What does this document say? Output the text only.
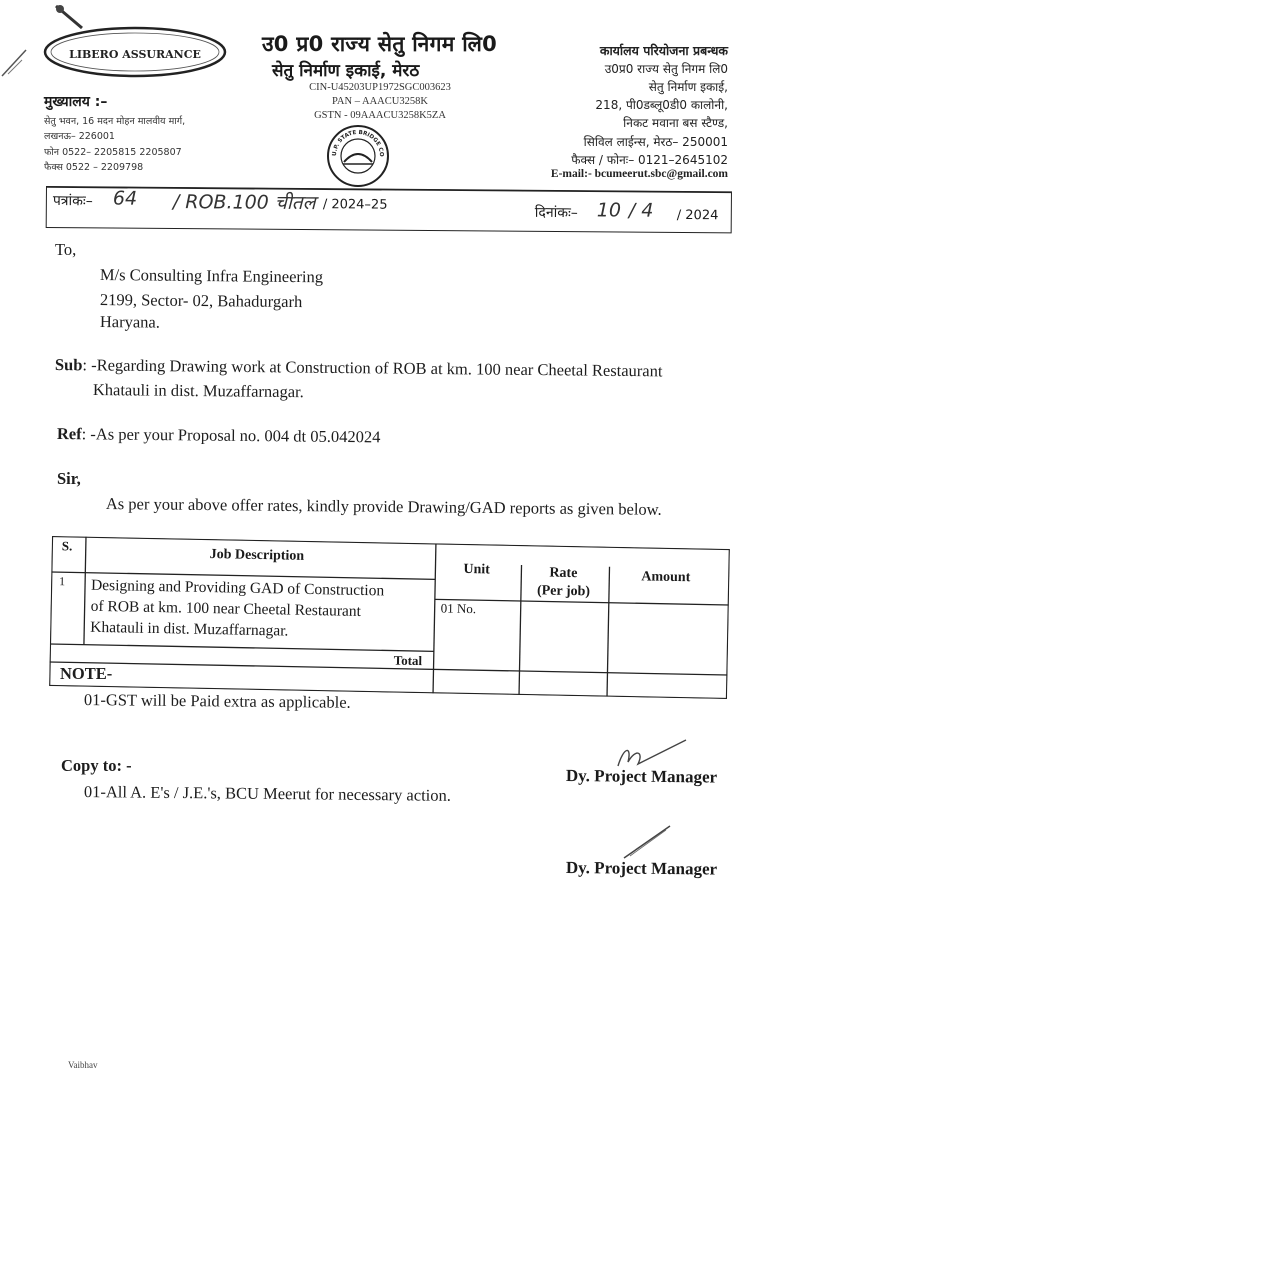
LIBERO ASSURANCE
मुख्यालय :–
सेतु भवन, 16 मदन मोहन मालवीय मार्ग,
लखनऊ– 226001
फोन 0522– 2205815 2205807
फैक्स 0522 – 2209798
उ0 प्र0 राज्य सेतु निगम लि0
सेतु निर्माण इकाई, मेरठ
CIN-U45203UP1972SGC003623
PAN – AAACU3258K
GSTN - 09AAACU3258K5ZA
U.P. STATE BRIDGE CO
कार्यालय परियोजना प्रबन्धक
उ0प्र0 राज्य सेतु निगम लि0
सेतु निर्माण इकाई,
218, पी0डब्लू0डी0 कालोनी,
निकट मवाना बस स्टैण्ड,
सिविल लाईन्स, मेरठ– 250001
फैक्स / फोनः– 0121–2645102
E-mail:- bcumeerut.sbc@gmail.com
पत्रांकः– 64 / ROB.100 चीतल / 2024–25	दिनांकः– 10 / 4 / 2024
To,
M/s Consulting Infra Engineering
2199, Sector- 02, Bahadurgarh
Haryana.
Sub: -Regarding Drawing work at Construction of ROB at km. 100 near Cheetal Restaurant
Khatauli in dist. Muzaffarnagar.
Ref: -As per your Proposal no. 004 dt 05.042024
Sir,
As per your above offer rates, kindly provide Drawing/GAD reports as given below.
S.
Job Description
Unit	Rate
(Per job)
Amount
1 Designing and Providing GAD of Construction
of ROB at km. 100 near Cheetal Restaurant
Khatauli in dist. Muzaffarnagar.
01 No.
Total
NOTE-
01-GST will be Paid extra as applicable.
Dy. Project Manager
Copy to: -
01-All A. E's / J.E.'s, BCU Meerut for necessary action.
Dy. Project Manager
Vaibhav
